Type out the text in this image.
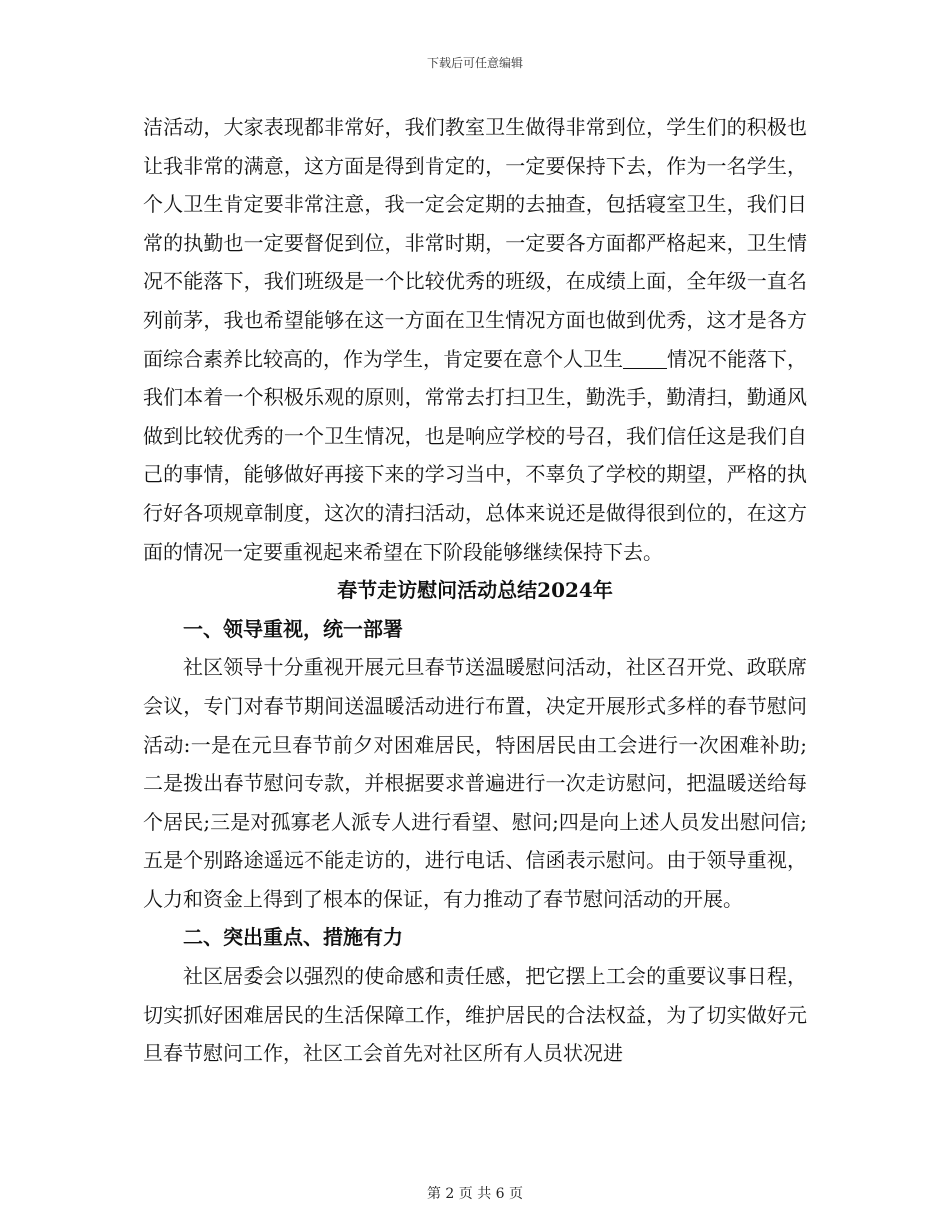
下载后可任意编辑

洁活动，大家表现都非常好，我们教室卫生做得非常到位，学生们的积极也让我非常的满意，这方面是得到肯定的，一定要保持下去，作为一名学生，个人卫生肯定要非常注意，我一定会定期的去抽查，包括寝室卫生，我们日常的执勤也一定要督促到位，非常时期，一定要各方面都严格起来，卫生情况不能落下，我们班级是一个比较优秀的班级，在成绩上面，全年级一直名列前茅，我也希望能够在这一方面在卫生情况方面也做到优秀，这才是各方面综合素养比较高的，作为学生，肯定要在意个人卫生 情况不能落下，我们本着一个积极乐观的原则，常常去打扫卫生，勤洗手，勤清扫，勤通风做到比较优秀的一个卫生情况，也是响应学校的号召，我们信任这是我们自己的事情，能够做好再接下来的学习当中，不辜负了学校的期望，严格的执行好各项规章制度，这次的清扫活动，总体来说还是做得很到位的，在这方面的情况一定要重视起来希望在下阶段能够继续保持下去。

春节走访慰问活动总结2024年

一、领导重视，统一部署

社区领导十分重视开展元旦春节送温暖慰问活动，社区召开党、政联席会议，专门对春节期间送温暖活动进行布置，决定开展形式多样的春节慰问活动:一是在元旦春节前夕对困难居民，特困居民由工会进行一次困难补助;二是拨出春节慰问专款，并根据要求普遍进行一次走访慰问，把温暖送给每个居民;三是对孤寡老人派专人进行看望、慰问;四是向上述人员发出慰问信;五是个别路途遥远不能走访的，进行电话、信函表示慰问。由于领导重视，人力和资金上得到了根本的保证，有力推动了春节慰问活动的开展。

二、突出重点、措施有力

社区居委会以强烈的使命感和责任感，把它摆上工会的重要议事日程，切实抓好困难居民的生活保障工作，维护居民的合法权益，为了切实做好元旦春节慰问工作，社区工会首先对社区所有人员状况进

第 2 页 共 6 页
